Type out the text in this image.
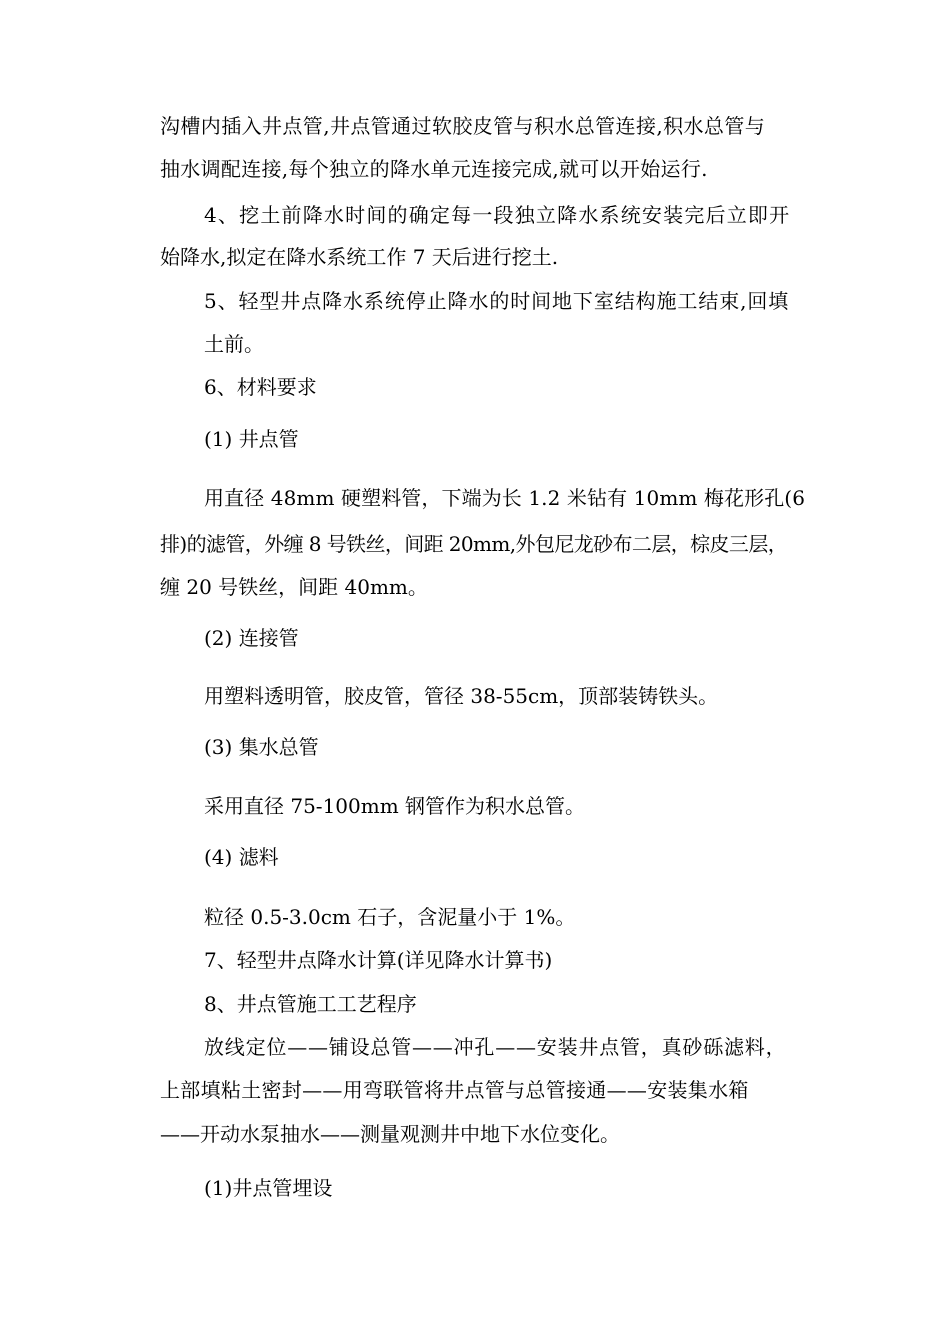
沟槽内插入井点管,井点管通过软胶皮管与积水总管连接,积水总管与
抽水调配连接,每个独立的降水单元连接完成,就可以开始运行.
4、挖土前降水时间的确定每一段独立降水系统安装完后立即开
始降水,拟定在降水系统工作 7 天后进行挖土.
5、轻型井点降水系统停止降水的时间地下室结构施工结束,回填
土前。
6、材料要求
(1) 井点管
用直径 48mm 硬塑料管，下端为长 1.2 米钻有 10mm 梅花形孔(6
排)的滤管，外缠 8 号铁丝，间距 20mm,外包尼龙砂布二层，棕皮三层，
缠 20 号铁丝，间距 40mm。
(2) 连接管
用塑料透明管，胶皮管，管径 38-55cm，顶部装铸铁头。
(3) 集水总管
采用直径 75-100mm 钢管作为积水总管。
(4) 滤料
粒径 0.5-3.0cm 石子，含泥量小于 1%。
7、轻型井点降水计算(详见降水计算书)
8、井点管施工工艺程序
放线定位——铺设总管——冲孔——安装井点管，真砂砾滤料，
上部填粘土密封——用弯联管将井点管与总管接通——安装集水箱
——开动水泵抽水——测量观测井中地下水位变化。
(1)井点管埋设
